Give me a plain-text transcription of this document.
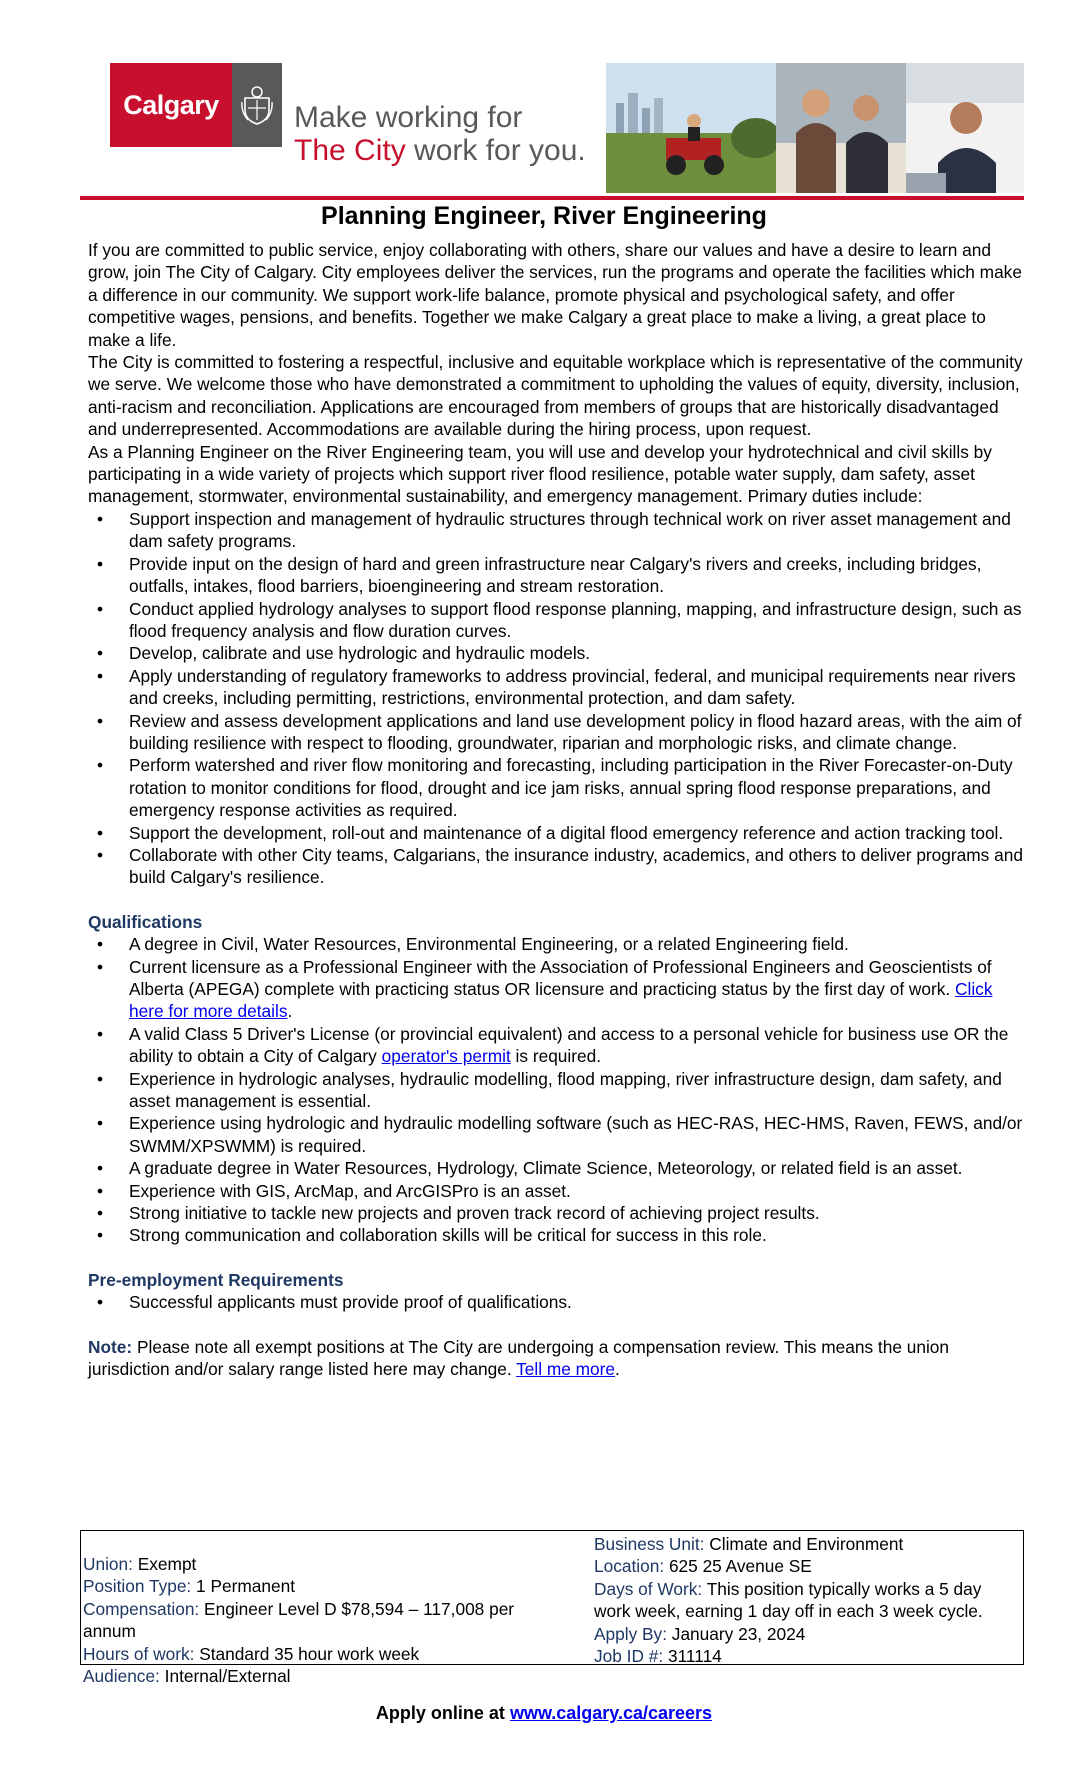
Calgary	Make working for
The City work for you.
Planning Engineer, River Engineering

If you are committed to public service, enjoy collaborating with others, share our values and have a desire to learn and grow, join The City of Calgary. City employees deliver the services, run the programs and operate the facilities which make a difference in our community. We support work-life balance, promote physical and psychological safety, and offer competitive wages, pensions, and benefits. Together we make Calgary a great place to make a living, a great place to make a life.

The City is committed to fostering a respectful, inclusive and equitable workplace which is representative of the community we serve. We welcome those who have demonstrated a commitment to upholding the values of equity, diversity, inclusion, anti-racism and reconciliation. Applications are encouraged from members of groups that are historically disadvantaged and underrepresented. Accommodations are available during the hiring process, upon request.

As a Planning Engineer on the River Engineering team, you will use and develop your hydrotechnical and civil skills by participating in a wide variety of projects which support river flood resilience, potable water supply, dam safety, asset management, stormwater, environmental sustainability, and emergency management. Primary duties include:

• Support inspection and management of hydraulic structures through technical work on river asset management and dam safety programs.
• Provide input on the design of hard and green infrastructure near Calgary's rivers and creeks, including bridges, outfalls, intakes, flood barriers, bioengineering and stream restoration.
• Conduct applied hydrology analyses to support flood response planning, mapping, and infrastructure design, such as flood frequency analysis and flow duration curves.
• Develop, calibrate and use hydrologic and hydraulic models.
• Apply understanding of regulatory frameworks to address provincial, federal, and municipal requirements near rivers and creeks, including permitting, restrictions, environmental protection, and dam safety.
• Review and assess development applications and land use development policy in flood hazard areas, with the aim of building resilience with respect to flooding, groundwater, riparian and morphologic risks, and climate change.
• Perform watershed and river flow monitoring and forecasting, including participation in the River Forecaster-on-Duty rotation to monitor conditions for flood, drought and ice jam risks, annual spring flood response preparations, and emergency response activities as required.
• Support the development, roll-out and maintenance of a digital flood emergency reference and action tracking tool.
• Collaborate with other City teams, Calgarians, the insurance industry, academics, and others to deliver programs and build Calgary's resilience.

Qualifications

• A degree in Civil, Water Resources, Environmental Engineering, or a related Engineering field.
• Current licensure as a Professional Engineer with the Association of Professional Engineers and Geoscientists of Alberta (APEGA) complete with practicing status OR licensure and practicing status by the first day of work. Click here for more details.
• A valid Class 5 Driver's License (or provincial equivalent) and access to a personal vehicle for business use OR the ability to obtain a City of Calgary operator's permit is required.
• Experience in hydrologic analyses, hydraulic modelling, flood mapping, river infrastructure design, dam safety, and asset management is essential.
• Experience using hydrologic and hydraulic modelling software (such as HEC-RAS, HEC-HMS, Raven, FEWS, and/or SWMM/XPSWMM) is required.
• A graduate degree in Water Resources, Hydrology, Climate Science, Meteorology, or related field is an asset.
• Experience with GIS, ArcMap, and ArcGISPro is an asset.
• Strong initiative to tackle new projects and proven track record of achieving project results.
• Strong communication and collaboration skills will be critical for success in this role.

Pre-employment Requirements

• Successful applicants must provide proof of qualifications.

Note: Please note all exempt positions at The City are undergoing a compensation review. This means the union jurisdiction and/or salary range listed here may change. Tell me more.

Union: Exempt
Position Type: 1 Permanent
Compensation: Engineer Level D $78,594 – 117,008 per annum
Hours of work: Standard 35 hour work week
Audience: Internal/External
Business Unit: Climate and Environment
Location: 625 25 Avenue SE
Days of Work: This position typically works a 5 day work week, earning 1 day off in each 3 week cycle.
Apply By: January 23, 2024
Job ID #: 311114
Apply online at www.calgary.ca/careers
